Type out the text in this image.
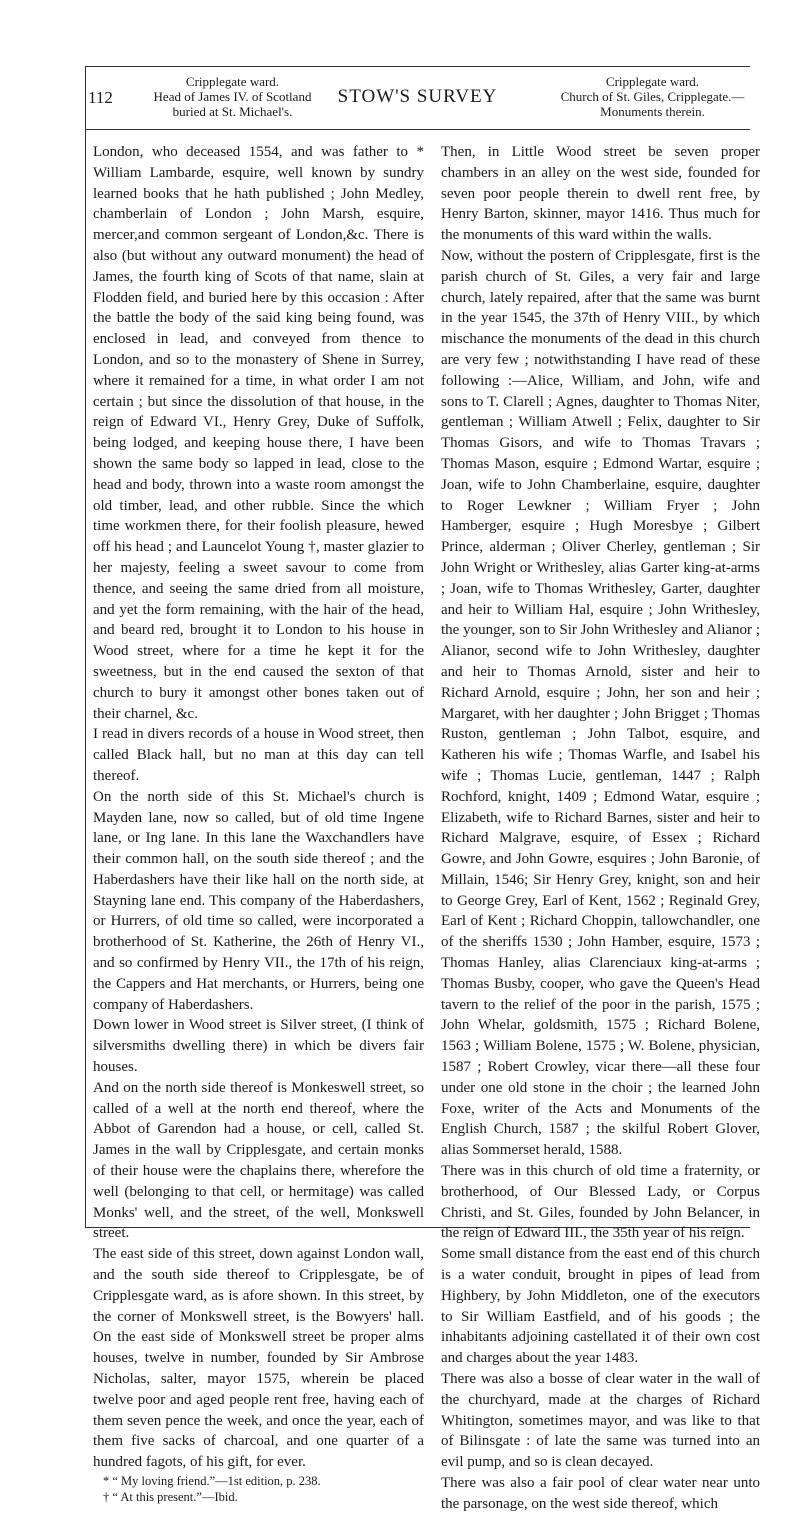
112
Cripplegate ward.
Head of James IV. of Scotland
buried at St. Michael's.
STOW'S SURVEY
Cripplegate ward.
Church of St. Giles, Cripplegate.—
Monuments therein.

London, who deceased 1554, and was father to * William Lambarde, esquire, well known by sundry learned books that he hath published ; John Medley, chamberlain of London ; John Marsh, esquire, mercer,and common sergeant of London,&c. There is also (but without any outward monument) the head of James, the fourth king of Scots of that name, slain at Flodden field, and buried here by this occasion : After the battle the body of the said king being found, was enclosed in lead, and conveyed from thence to London, and so to the monastery of Shene in Surrey, where it remained for a time, in what order I am not certain ; but since the dissolution of that house, in the reign of Edward VI., Henry Grey, Duke of Suffolk, being lodged, and keeping house there, I have been shown the same body so lapped in lead, close to the head and body, thrown into a waste room amongst the old timber, lead, and other rubble. Since the which time workmen there, for their foolish pleasure, hewed off his head ; and Launcelot Young †, master glazier to her majesty, feeling a sweet savour to come from thence, and seeing the same dried from all moisture, and yet the form remaining, with the hair of the head, and beard red, brought it to London to his house in Wood street, where for a time he kept it for the sweetness, but in the end caused the sexton of that church to bury it amongst other bones taken out of their charnel, &c.

I read in divers records of a house in Wood street, then called Black hall, but no man at this day can tell thereof.

On the north side of this St. Michael's church is Mayden lane, now so called, but of old time Ingene lane, or Ing lane. In this lane the Waxchandlers have their common hall, on the south side thereof ; and the Haberdashers have their like hall on the north side, at Stayning lane end. This company of the Haberdashers, or Hurrers, of old time so called, were incorporated a brotherhood of St. Katherine, the 26th of Henry VI., and so confirmed by Henry VII., the 17th of his reign, the Cappers and Hat merchants, or Hurrers, being one company of Haberdashers.

Down lower in Wood street is Silver street, (I think of silversmiths dwelling there) in which be divers fair houses.

And on the north side thereof is Monkeswell street, so called of a well at the north end thereof, where the Abbot of Garendon had a house, or cell, called St. James in the wall by Cripplesgate, and certain monks of their house were the chaplains there, wherefore the well (belonging to that cell, or hermitage) was called Monks' well, and the street, of the well, Monkswell street.

The east side of this street, down against London wall, and the south side thereof to Cripplesgate, be of Cripplesgate ward, as is afore shown. In this street, by the corner of Monkswell street, is the Bowyers' hall. On the east side of Monkswell street be proper alms houses, twelve in number, founded by Sir Ambrose Nicholas, salter, mayor 1575, wherein be placed twelve poor and aged people rent free, having each of them seven pence the week, and once the year, each of them five sacks of charcoal, and one quarter of a hundred fagots, of his gift, for ever.

* “ My loving friend.”—1st edition, p. 238.
† “ At this present.”—Ibid.

Then, in Little Wood street be seven proper chambers in an alley on the west side, founded for seven poor people therein to dwell rent free, by Henry Barton, skinner, mayor 1416. Thus much for the monuments of this ward within the walls.

Now, without the postern of Cripplesgate, first is the parish church of St. Giles, a very fair and large church, lately repaired, after that the same was burnt in the year 1545, the 37th of Henry VIII., by which mischance the monuments of the dead in this church are very few ; notwithstanding I have read of these following :—Alice, William, and John, wife and sons to T. Clarell ; Agnes, daughter to Thomas Niter, gentleman ; William Atwell ; Felix, daughter to Sir Thomas Gisors, and wife to Thomas Travars ; Thomas Mason, esquire ; Edmond Wartar, esquire ; Joan, wife to John Chamberlaine, esquire, daughter to Roger Lewkner ; William Fryer ; John Hamberger, esquire ; Hugh Moresbye ; Gilbert Prince, alderman ; Oliver Cherley, gentleman ; Sir John Wright or Writhesley, alias Garter king-at-arms ; Joan, wife to Thomas Writhesley, Garter, daughter and heir to William Hal, esquire ; John Writhesley, the younger, son to Sir John Writhesley and Alianor ; Alianor, second wife to John Writhesley, daughter and heir to Thomas Arnold, sister and heir to Richard Arnold, esquire ; John, her son and heir ; Margaret, with her daughter ; John Brigget ; Thomas Ruston, gentleman ; John Talbot, esquire, and Katheren his wife ; Thomas Warfle, and Isabel his wife ; Thomas Lucie, gentleman, 1447 ; Ralph Rochford, knight, 1409 ; Edmond Watar, esquire ; Elizabeth, wife to Richard Barnes, sister and heir to Richard Malgrave, esquire, of Essex ; Richard Gowre, and John Gowre, esquires ; John Baronie, of Millain, 1546; Sir Henry Grey, knight, son and heir to George Grey, Earl of Kent, 1562 ; Reginald Grey, Earl of Kent ; Richard Choppin, tallowchandler, one of the sheriffs 1530 ; John Hamber, esquire, 1573 ; Thomas Hanley, alias Clarenciaux king-at-arms ; Thomas Busby, cooper, who gave the Queen's Head tavern to the relief of the poor in the parish, 1575 ; John Whelar, goldsmith, 1575 ; Richard Bolene, 1563 ; William Bolene, 1575 ; W. Bolene, physician, 1587 ; Robert Crowley, vicar there—all these four under one old stone in the choir ; the learned John Foxe, writer of the Acts and Monuments of the English Church, 1587 ; the skilful Robert Glover, alias Sommerset herald, 1588.

There was in this church of old time a fraternity, or brotherhood, of Our Blessed Lady, or Corpus Christi, and St. Giles, founded by John Belancer, in the reign of Edward III., the 35th year of his reign.

Some small distance from the east end of this church is a water conduit, brought in pipes of lead from Highbery, by John Middleton, one of the executors to Sir William Eastfield, and of his goods ; the inhabitants adjoining castellated it of their own cost and charges about the year 1483.

There was also a bosse of clear water in the wall of the churchyard, made at the charges of Richard Whitington, sometimes mayor, and was like to that of Bilinsgate : of late the same was turned into an evil pump, and so is clean decayed.

There was also a fair pool of clear water near unto the parsonage, on the west side thereof, which
